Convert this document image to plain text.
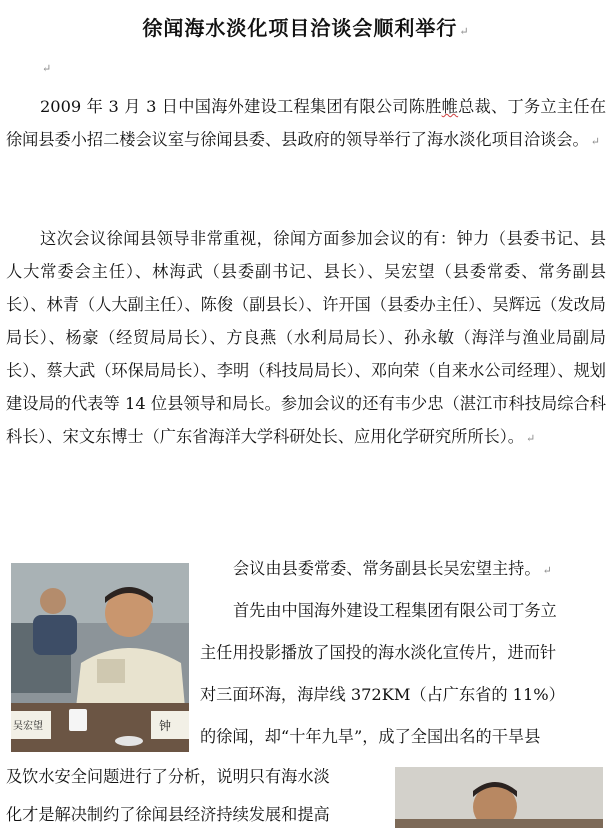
徐闻海水淡化项目洽谈会顺利举行 ↵
↵
2009 年 3 月 3 日中国海外建设工程集团有限公司陈胜帷总裁、丁务立主任在徐闻县委小招二楼会议室与徐闻县委、县政府的领导举行了海水淡化项目洽谈会。 ↵
这次会议徐闻县领导非常重视，徐闻方面参加会议的有：钟力（县委书记、县人大常委会主任）、林海武（县委副书记、县长）、吴宏望（县委常委、常务副县长）、林青（人大副主任）、陈俊（副县长）、许开国（县委办主任）、吴辉远（发改局局长）、杨豪（经贸局局长）、方良燕（水利局局长）、孙永敏（海洋与渔业局副局长）、蔡大武（环保局局长）、李明（科技局局长）、邓向荣（自来水公司经理）、规划建设局的代表等 14 位县领导和局长。参加会议的还有韦少忠（湛江市科技局综合科科长）、宋文东博士（广东省海洋大学科研处长、应用化学研究所所长）。 ↵
吴宏望	钟
会议由县委常委、常务副县长吴宏望主持。 ↵
首先由中国海外建设工程集团有限公司丁务立
主任用投影播放了国投的海水淡化宣传片，进而针
对三面环海，海岸线 372KM（占广东省的 11%）
的徐闻，却“十年九旱”，成了全国出名的干旱县
及饮水安全问题进行了分析，说明只有海水淡
化才是解决制约了徐闻县经济持续发展和提高
